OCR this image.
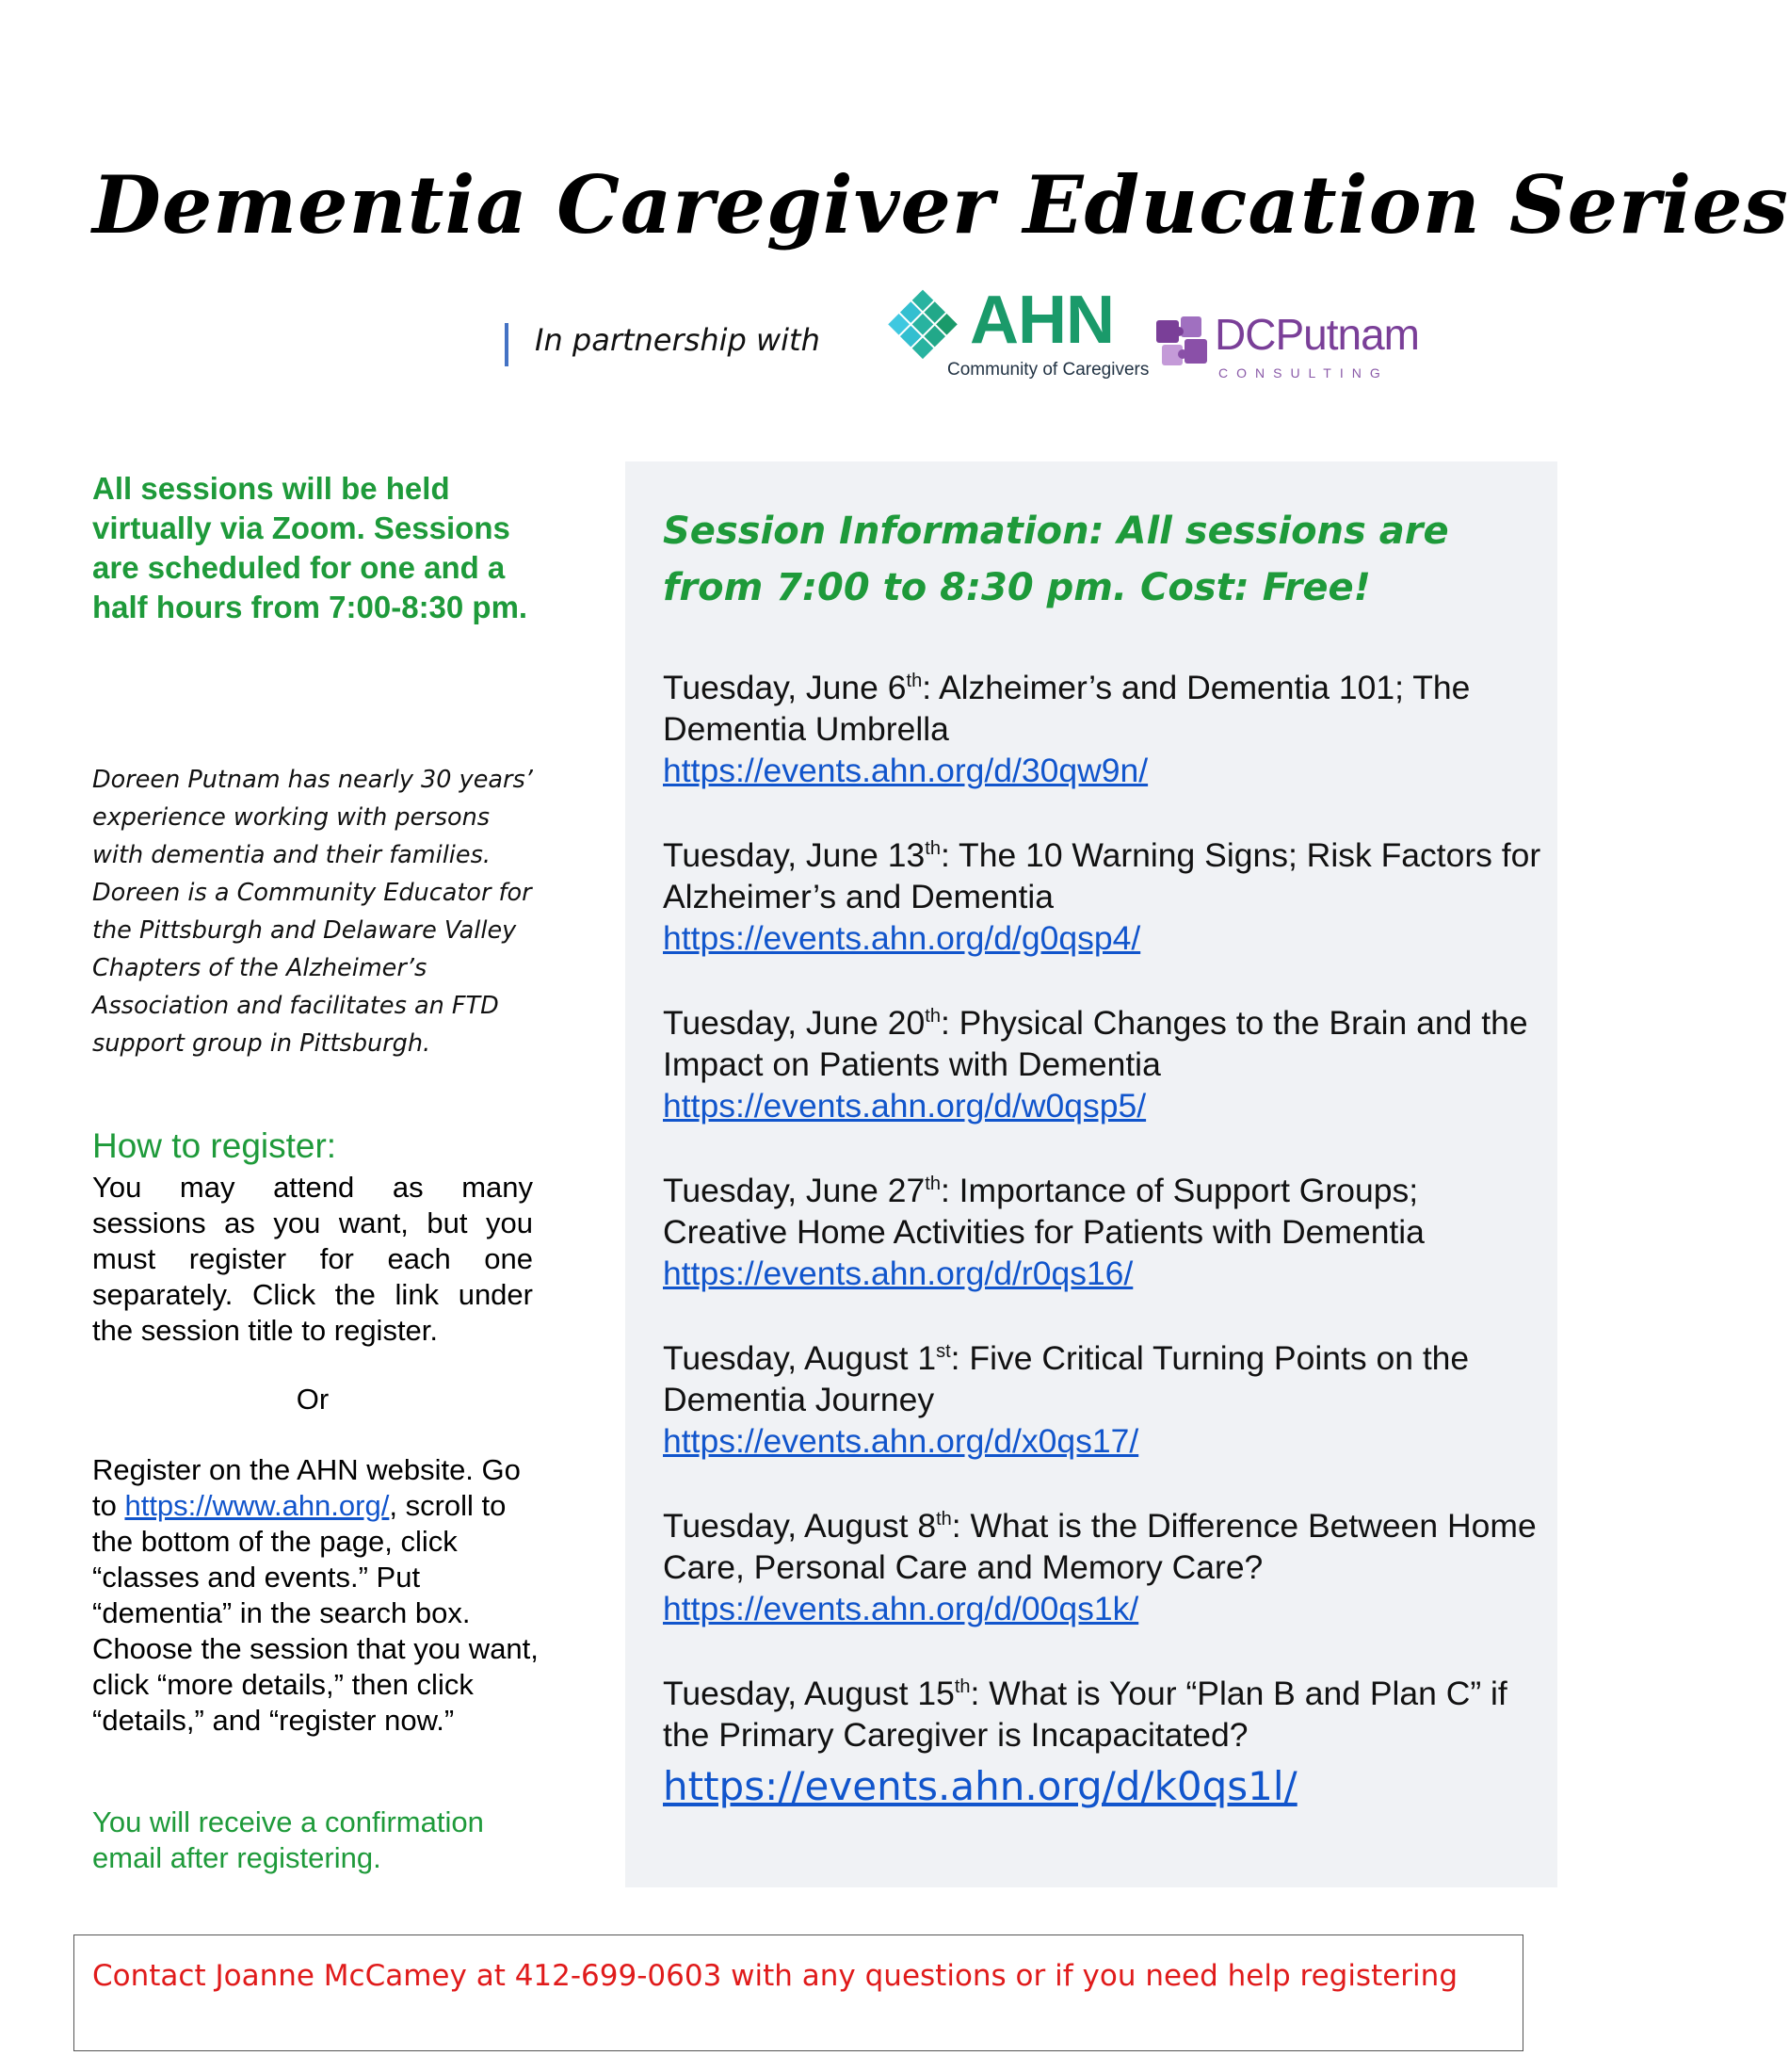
Dementia Caregiver Education Series
In partnership with AHN
Community of Caregivers
DCPutnam
CONSULTING

All sessions will be held virtually via Zoom. Sessions are scheduled for one and a half hours from 7:00-8:30 pm.

Doreen Putnam has nearly 30 years’ experience working with persons with dementia and their families. Doreen is a Community Educator for the Pittsburgh and Delaware Valley Chapters of the Alzheimer’s Association and facilitates an FTD support group in Pittsburgh.

How to register:

You may attend as many sessions as you want, but you must register for each one separately. Click the link under the session title to register.

Or

Register on the AHN website. Go to https://www.ahn.org/, scroll to the bottom of the page, click “classes and events.” Put “dementia” in the search box. Choose the session that you want, click “more details,” then click “details,” and “register now.”

You will receive a confirmation email after registering.

Session Information: All sessions are from 7:00 to 8:30 pm. Cost: Free!

Tuesday, June 6th: Alzheimer’s and Dementia 101; The Dementia Umbrella
https://events.ahn.org/d/30qw9n/
Tuesday, June 13th: The 10 Warning Signs; Risk Factors for Alzheimer’s and Dementia
https://events.ahn.org/d/g0qsp4/
Tuesday, June 20th: Physical Changes to the Brain and the Impact on Patients with Dementia
https://events.ahn.org/d/w0qsp5/
Tuesday, June 27th: Importance of Support Groups; Creative Home Activities for Patients with Dementia
https://events.ahn.org/d/r0qs16/
Tuesday, August 1st: Five Critical Turning Points on the Dementia Journey
https://events.ahn.org/d/x0qs17/
Tuesday, August 8th: What is the Difference Between Home Care, Personal Care and Memory Care?
https://events.ahn.org/d/00qs1k/
Tuesday, August 15th: What is Your “Plan B and Plan C” if the Primary Caregiver is Incapacitated?
https://events.ahn.org/d/k0qs1l/

Contact Joanne McCamey at 412-699-0603 with any questions or if you need help registering
